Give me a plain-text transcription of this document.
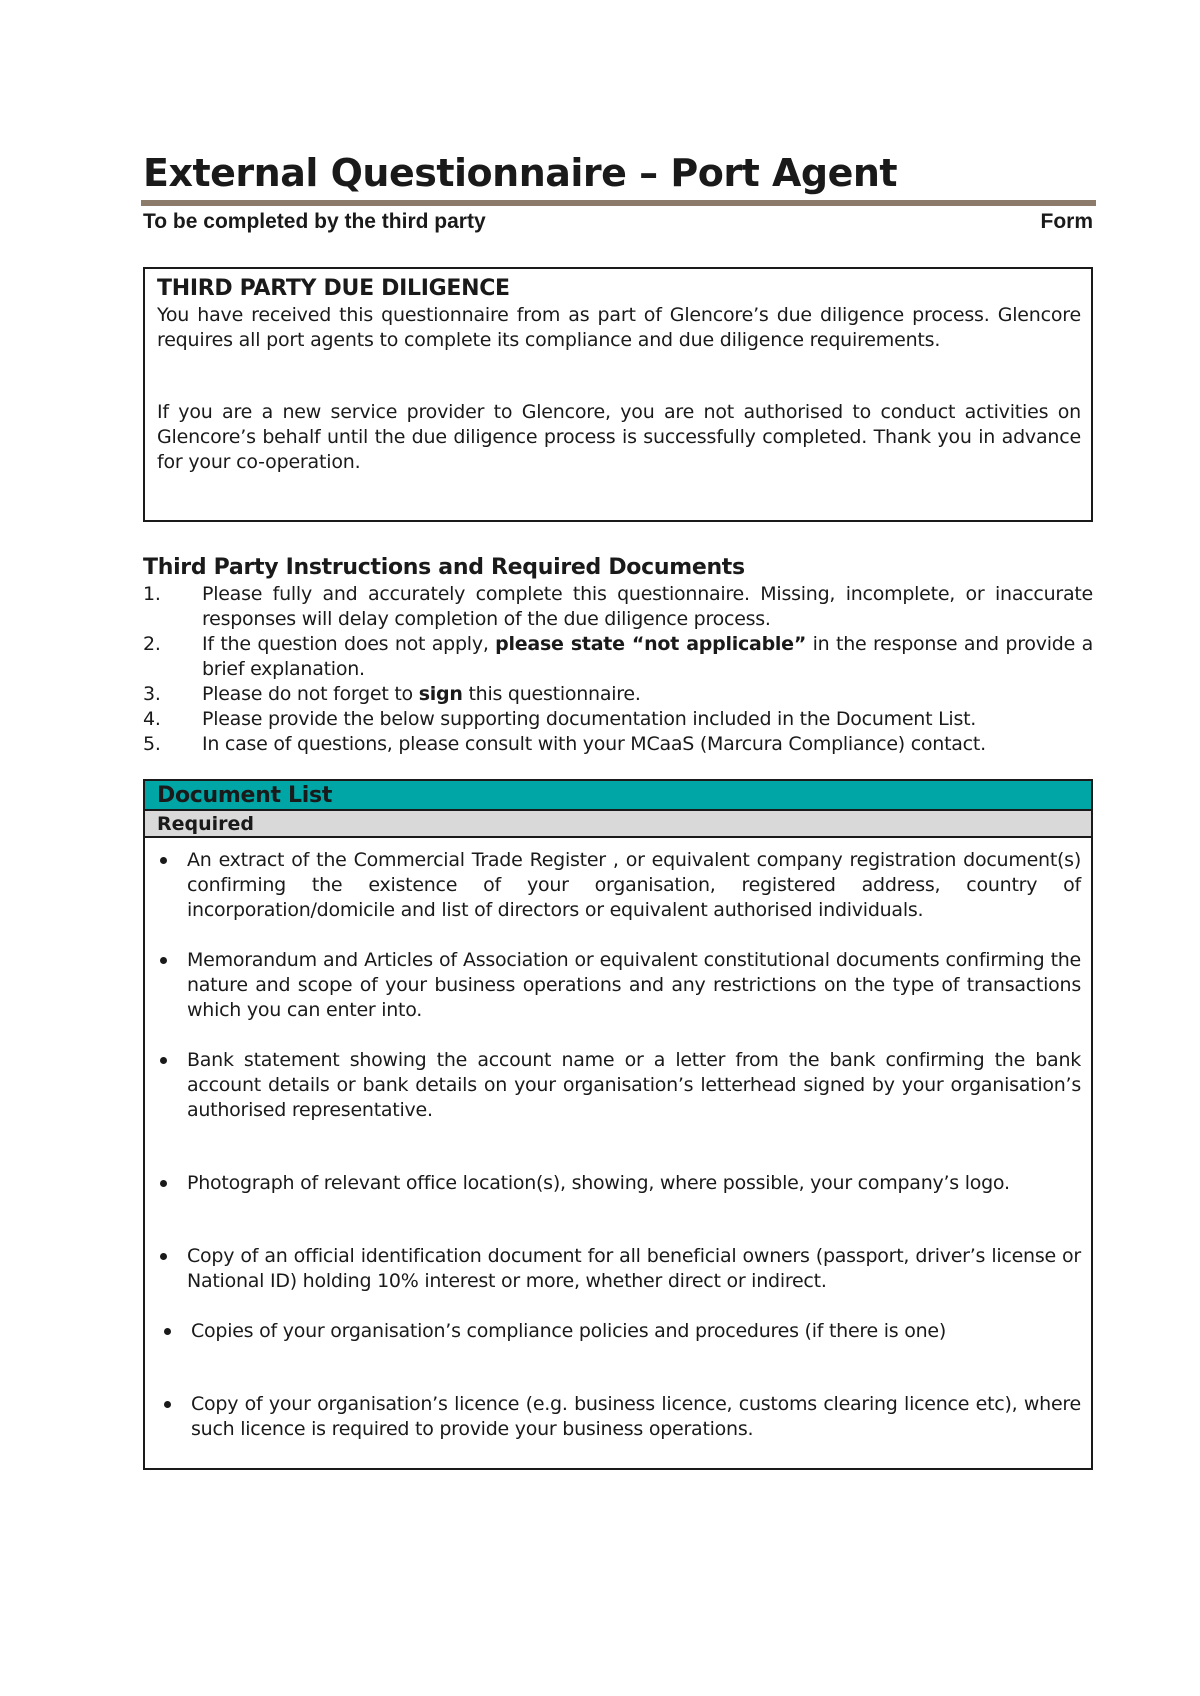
External Questionnaire – Port Agent
To be completed by the third party	Form
THIRD PARTY DUE DILIGENCE

You have received this questionnaire from as part of Glencore’s due diligence process. Glencore requires all port agents to complete its compliance and due diligence requirements.

If you are a new service provider to Glencore, you are not authorised to conduct activities on Glencore’s behalf until the due diligence process is successfully completed. Thank you in advance for your co-operation.

Third Party Instructions and Required Documents
1.	Please fully and accurately complete this questionnaire. Missing, incomplete, or inaccurate responses will delay completion of the due diligence process.
2.	If the question does not apply, please state “not applicable” in the response and provide a brief explanation.
3.	Please do not forget to sign this questionnaire.
4.	Please provide the below supporting documentation included in the Document List.
5.	In case of questions, please consult with your MCaaS (Marcura Compliance) contact.
Document List
Required
An extract of the Commercial Trade Register , or equivalent company registration document(s) confirming the existence of your organisation, registered address, country of incorporation/domicile and list of directors or equivalent authorised individuals.
Memorandum and Articles of Association or equivalent constitutional documents confirming the nature and scope of your business operations and any restrictions on the type of transactions which you can enter into.
Bank statement showing the account name or a letter from the bank confirming the bank account details or bank details on your organisation’s letterhead signed by your organisation’s authorised representative.
Photograph of relevant office location(s), showing, where possible, your company’s logo.
Copy of an official identification document for all beneficial owners (passport, driver’s license or National ID) holding 10% interest or more, whether direct or indirect.
Copies of your organisation’s compliance policies and procedures (if there is one)
Copy of your organisation’s licence (e.g. business licence, customs clearing licence etc), where such licence is required to provide your business operations.
